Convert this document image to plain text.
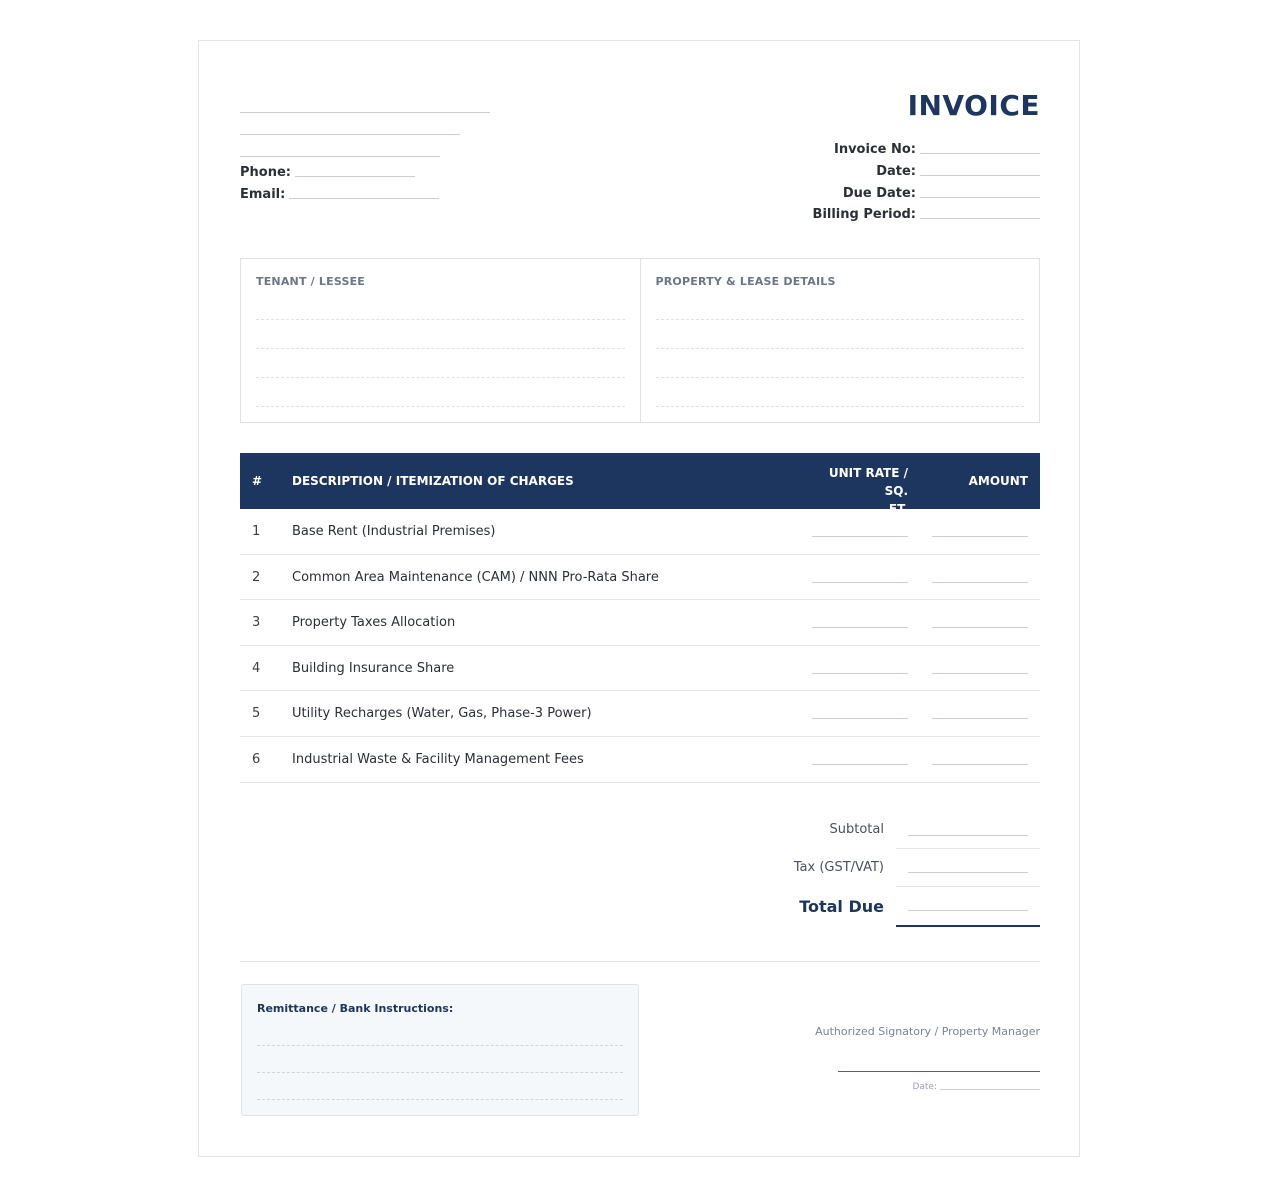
Phone:
Email:
INVOICE
Invoice No:
Date:
Due Date:
Billing Period:
TENANT / LESSEE	PROPERTY & LEASE DETAILS
# DESCRIPTION / ITEMIZATION OF CHARGES
UNIT RATE / SQ.
FT.
AMOUNT
1 Base Rent (Industrial Premises)
2 Common Area Maintenance (CAM) / NNN Pro-Rata Share
3 Property Taxes Allocation
4 Building Insurance Share
5 Utility Recharges (Water, Gas, Phase-3 Power)
6 Industrial Waste & Facility Management Fees
Subtotal
Tax (GST/VAT)
Total Due
Remittance / Bank Instructions:
Authorized Signatory / Property Manager
Date:
